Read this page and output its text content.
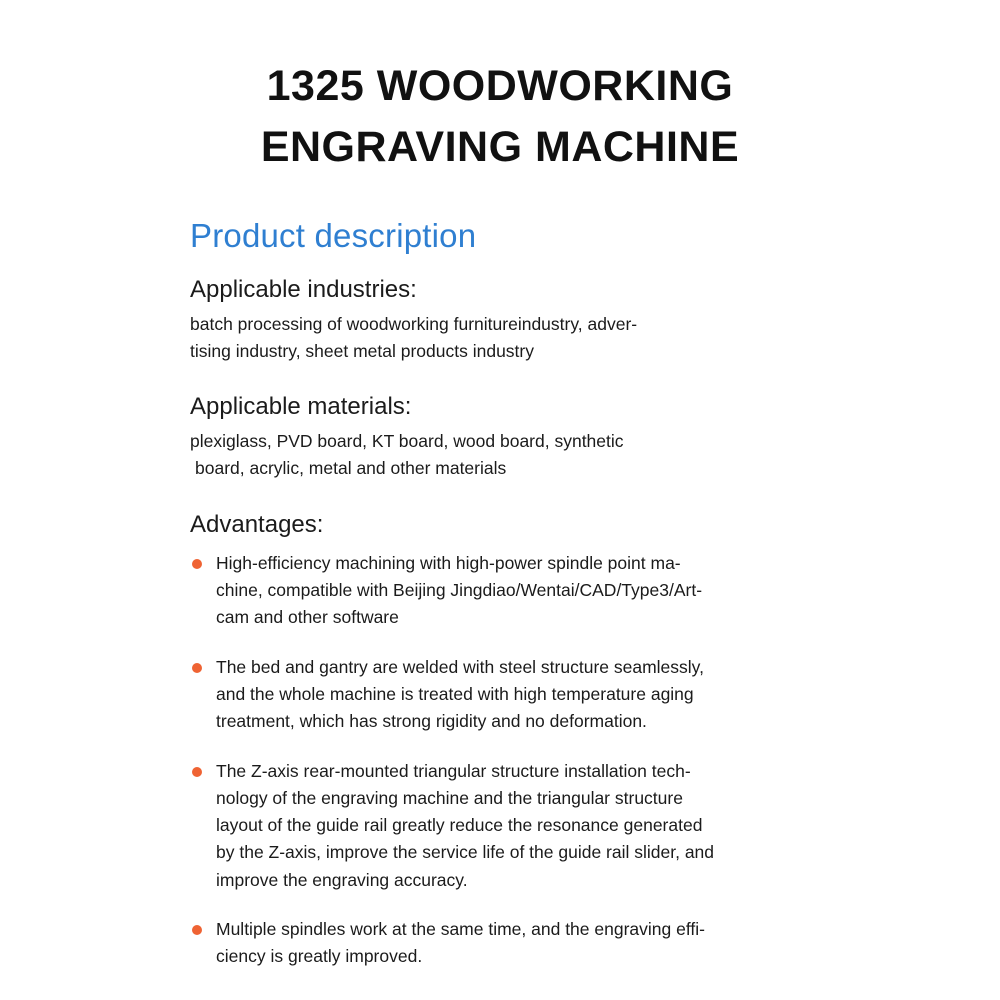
1325 WOODWORKING
ENGRAVING MACHINE
Product description
Applicable industries:

batch processing of woodworking furnitureindustry, adver-
tising industry, sheet metal products industry

Applicable materials:

plexiglass, PVD board, KT board, wood board, synthetic
board, acrylic, metal and other materials

Advantages:
High-efficiency machining with high-power spindle point ma-
chine, compatible with Beijing Jingdiao/Wentai/CAD/Type3/Art-
cam and other software
The bed and gantry are welded with steel structure seamlessly,
and the whole machine is treated with high temperature aging
treatment, which has strong rigidity and no deformation.
The Z-axis rear-mounted triangular structure installation tech-
nology of the engraving machine and the triangular structure
layout of the guide rail greatly reduce the resonance generated
by the Z-axis, improve the service life of the guide rail slider, and
improve the engraving accuracy.
Multiple spindles work at the same time, and the engraving effi-
ciency is greatly improved.
